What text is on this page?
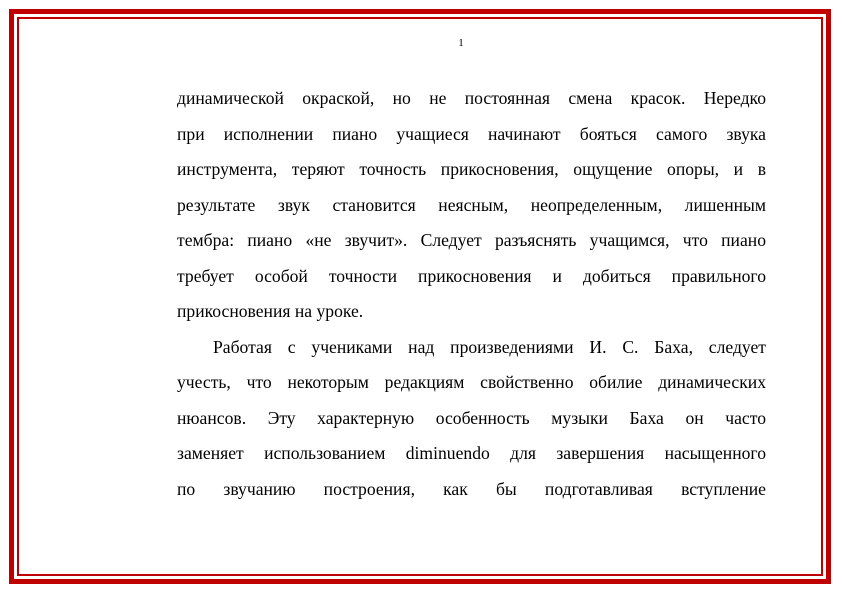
1
динамической окраской, но не постоянная смена красок. Нередко
при исполнении пиано учащиеся начинают бояться самого звука
инструмента, теряют точность прикосновения, ощущение опоры, и в
результате звук становится неясным, неопределенным, лишенным
тембра: пиано «не звучит». Следует разъяснять учащимся, что пиано
требует особой точности прикосновения и добиться правильного
прикосновения на уроке.
Работая с учениками над произведениями И. С. Баха, следует
учесть, что некоторым редакциям свойственно обилие динамических
нюансов. Эту характерную особенность музыки Баха он часто
заменяет использованием diminuendo для завершения насыщенного
по звучанию построения, как бы подготавливая вступление
